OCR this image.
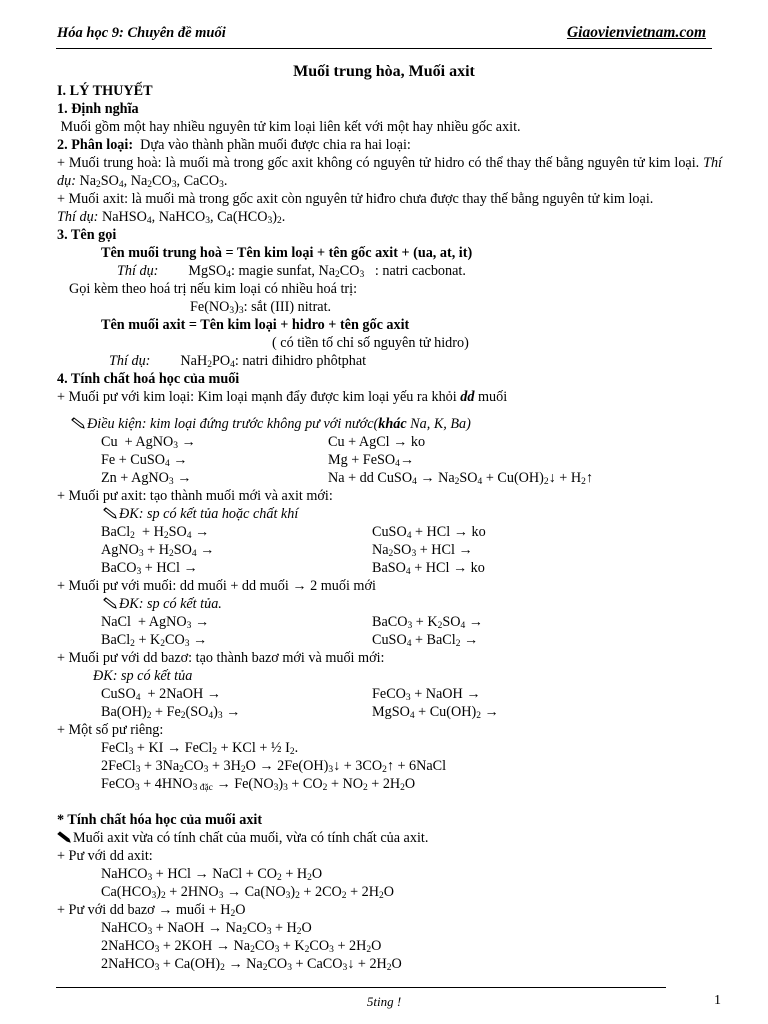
Hóa học 9: Chuyên đề muối	Giaovienvietnam.com
Muối trung hòa, Muối axit
I. LÝ THUYẾT
1. Định nghĩa
Muối gồm một hay nhiều nguyên tử kim loại liên kết với một hay nhiều gốc axit.
2. Phân loại: Dựa vào thành phần muối được chia ra hai loại:
+ Muối trung hoà: là muối mà trong gốc axit không có nguyên tử hidro có thể thay thế bằng nguyên tử kim loại. Thí dụ: $Na_2SO_4$, $Na_2CO_3$, CaCO$_3$.
+ Muối axit: là muối mà trong gốc axit còn nguyên tử hiđro chưa được thay thế bằng nguyên tử kim loại.
Thí dụ: NaHSO$_4$, NaHCO$_3$, $Ca(HCO_3)_2$.
3. Tên gọi
Tên muối trung hoà = Tên kim loại + tên gốc axit + (ua, at, it)
Thí dụ: MgSO$_4$: magie sunfat, $Na_2CO_3$ : natri cacbonat.
Gọi kèm theo hoá trị nếu kim loại có nhiều hoá trị:
$Fe(NO_3)_3$: sắt (III) nitrat.
Tên muối axit = Tên kim loại + hidro + tên gốc axit
( có tiền tố chỉ số nguyên tử hidro)
Thí dụ: $NaH_2PO_4$: natri đihidro phôtphat
4. Tính chất hoá học của muối
+ Muối pư với kim loại: Kim loại mạnh đẩy được kim loại yếu ra khỏi dd muối
Điều kiện: kim loại đứng trước không pư với nước(khác Na, K, Ba)
Cu  + AgNO$_3$ →	Cu + AgCl → ko
Fe + CuSO$_4$ →	Mg + FeSO$_4$→
Zn + AgNO$_3$ →	Na + dd CuSO$_4$ → $Na_2SO_4$ + $Cu(OH)_2↓$ + $H_2↑$
+ Muối pư axit: tạo thành muối mới và axit mới:
ĐK: sp có kết tủa hoặc chất khí
BaCl$_2$  + $H_2SO_4$ →	CuSO$_4$ + HCl → ko
AgNO$_3$ + $H_2SO_4$ →	$Na_2SO_3$ + HCl →
BaCO$_3$ + HCl →	BaSO$_4$ + HCl → ko
+ Muối pư với muối: dd muối + dd muối → 2 muối mới
ĐK: sp có kết tủa.
NaCl  + AgNO$_3$ →	BaCO$_3$ + $K_2SO_4$ →
BaCl$_2$ + $K_2CO_3$ →	CuSO$_4$ + BaCl$_2$ →
+ Muối pư với dd bazơ: tạo thành bazơ mới và muối mới:
ĐK: sp có kết tủa
CuSO$_4$  + 2NaOH →	FeCO$_3$ + NaOH →
$Ba(OH)_2 + Fe_2(SO_4)_3$ →	MgSO$_4$ + $Cu(OH)_2$ →
+ Một số pư riêng:
FeCl$_3$ + KI → FeCl$_2$ + KCl + ½ $I_2$.
2FeCl$_3$ + $3Na_2CO_3 + 3H_2O$ → $2Fe(OH)_3↓$ + $3CO_2↑$ + 6NaCl
FeCO$_3$ + $4HNO_{3 đặc} \to Fe(NO_3)_3 + CO_2 + NO_2 + 2H_2O$
* Tính chất hóa học của muối axit
Muối axit vừa có tính chất của muối, vừa có tính chất của axit.
+ Pư với dd axit:
NaHCO$_3$ + HCl → NaCl + $CO_2 + H_2O$
$Ca(HCO_3)_2 + 2HNO_3 \to Ca(NO_3)_2 + 2CO_2 + 2H_2O$
+ Pư với dd bazơ → muối + $H_2O$
NaHCO$_3$ + NaOH → $Na_2CO_3 + H_2O$
2NaHCO$_3$ + $2KOH \to Na_2CO_3 + K_2CO_3 + 2H_2O$
2NaHCO$_3$ + $Ca(OH)_2 \to Na_2CO_3$ + CaCO$_3$↓ + $2H_2O$
5ting !	1
